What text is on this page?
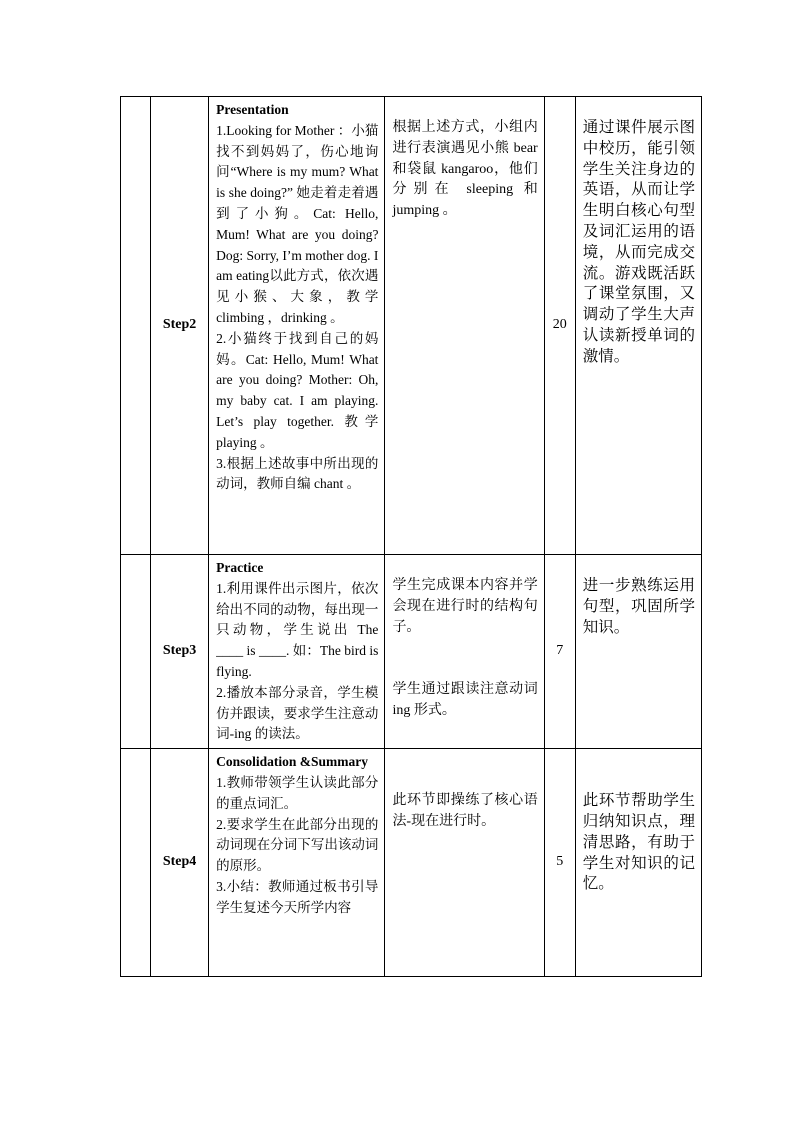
	Step2	Presentation
1.Looking for Mother ：小猫找不到妈妈了，伤心地询问“Where is my mum? What is she doing?” 她走着走着遇到了小狗。Cat: Hello, Mum! What are you doing? Dog: Sorry, I’m mother dog. I am eating以此方式，依次遇见小猴、大象，教学 climbing ，drinking 。
2.小猫终于找到自己的妈妈。Cat: Hello, Mum! What are you doing? Mother: Oh, my baby cat. I am playing. Let’s play together. 教学 playing 。
3.根据上述故事中所出现的动词，教师自编 chant 。	根据上述方式，小组内进行表演遇见小熊 bear 和袋鼠 kangaroo，他们分别在 sleeping 和 jumping 。	20	通过课件展示图中校历，能引领学生关注身边的英语，从而让学生明白核心句型及词汇运用的语境，从而完成交流。游戏既活跃了课堂氛围，又调动了学生大声认读新授单词的激情。

	Step3	Practice
1.利用课件出示图片，依次给出不同的动物，每出现一只动物，学生说出 The ____ is ____. 如：The bird is flying.
2.播放本部分录音，学生模仿并跟读，要求学生注意动词-ing 的读法。	学生完成课本内容并学会现在进行时的结构句子。
学生通过跟读注意动词 ing 形式。	7	进一步熟练运用句型，巩固所学知识。

	Step4	Consolidation &Summary
1.教师带领学生认读此部分的重点词汇。
2.要求学生在此部分出现的动词现在分词下写出该动词的原形。
3.小结：教师通过板书引导学生复述今天所学内容	此环节即操练了核心语法-现在进行时。	5	此环节帮助学生归纳知识点，理清思路，有助于学生对知识的记忆。
